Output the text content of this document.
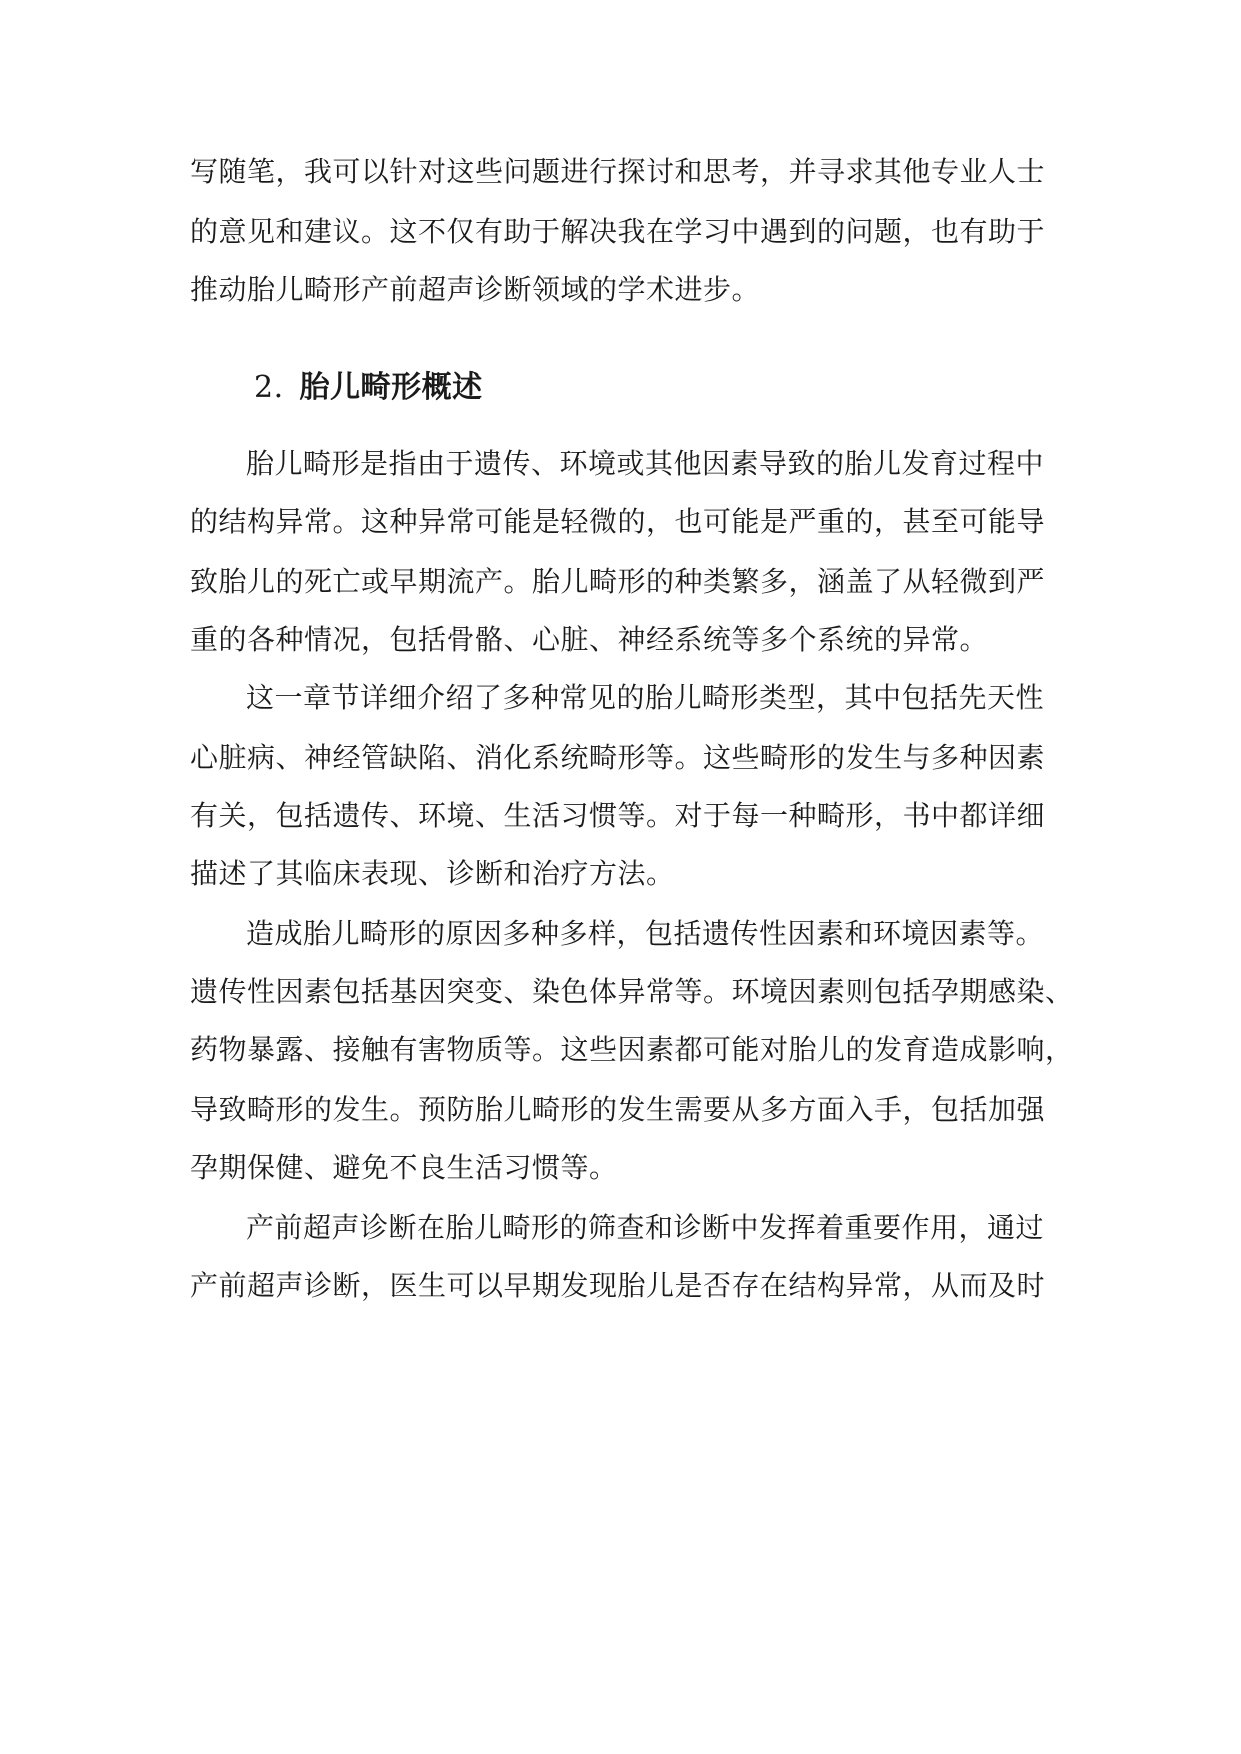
写随笔，我可以针对这些问题进行探讨和思考，并寻求其他专业人士
的意见和建议。这不仅有助于解决我在学习中遇到的问题，也有助于
推动胎儿畸形产前超声诊断领域的学术进步。
2. 胎儿畸形概述
胎儿畸形是指由于遗传、环境或其他因素导致的胎儿发育过程中
的结构异常。这种异常可能是轻微的，也可能是严重的，甚至可能导
致胎儿的死亡或早期流产。胎儿畸形的种类繁多，涵盖了从轻微到严
重的各种情况，包括骨骼、心脏、神经系统等多个系统的异常。
这一章节详细介绍了多种常见的胎儿畸形类型，其中包括先天性
心脏病、神经管缺陷、消化系统畸形等。这些畸形的发生与多种因素
有关，包括遗传、环境、生活习惯等。对于每一种畸形，书中都详细
描述了其临床表现、诊断和治疗方法。
造成胎儿畸形的原因多种多样，包括遗传性因素和环境因素等。
遗传性因素包括基因突变、染色体异常等。环境因素则包括孕期感染、
药物暴露、接触有害物质等。这些因素都可能对胎儿的发育造成影响，
导致畸形的发生。预防胎儿畸形的发生需要从多方面入手，包括加强
孕期保健、避免不良生活习惯等。
产前超声诊断在胎儿畸形的筛查和诊断中发挥着重要作用，通过
产前超声诊断，医生可以早期发现胎儿是否存在结构异常，从而及时
